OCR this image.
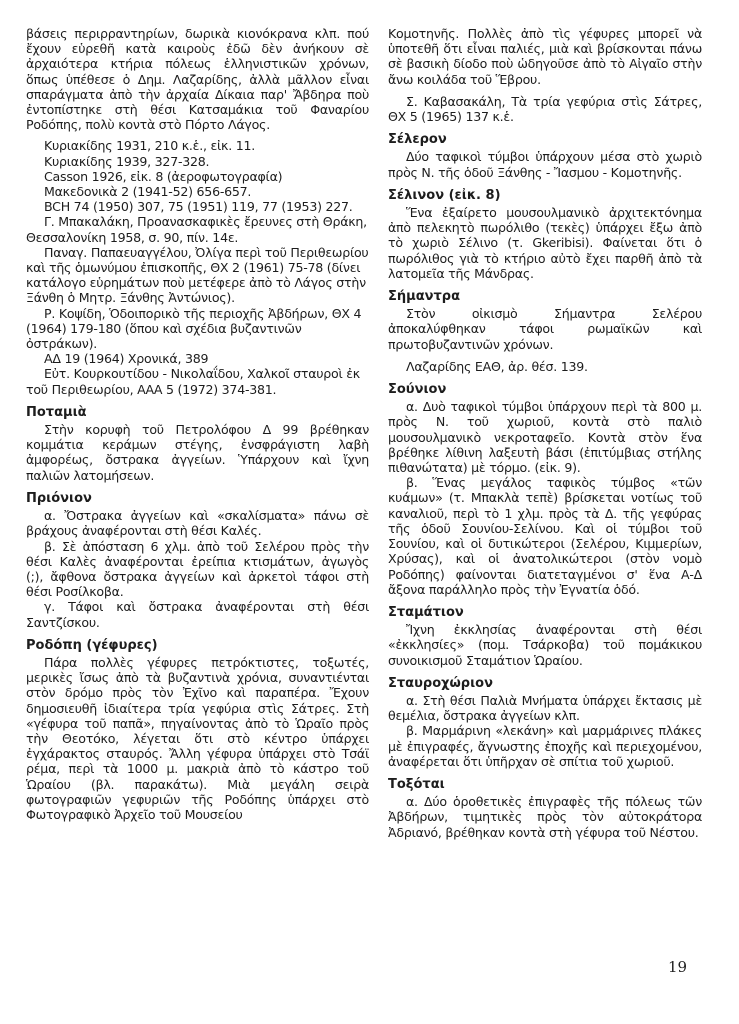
βάσεις περιρραντηρίων, δωρικὰ κιονόκρανα κλπ. πού ἔχουν εὑρεθῆ κατὰ καιροὺς ἐδῶ δὲν ἀνήκουν σὲ ἀρχαιότερα κτήρια πόλεως ἑλληνιστικῶν χρόνων, ὅπως ὑπέθεσε ὁ Δημ. Λαζαρίδης, ἀλλὰ μᾶλλον εἶναι σπαράγματα ἀπὸ τὴν ἀρχαία Δίκαια παρ' Ἄβδηρα ποὺ ἐντοπίστηκε στὴ θέσι Κατσαμάκια τοῦ Φαναρίου Ροδόπης, πολὺ κοντὰ στὸ Πόρτο Λάγος.

Κυριακίδης 1931, 210 κ.ἑ., εἰκ. 11.

Κυριακίδης 1939, 327-328.

Casson 1926, εἰκ. 8 (ἀεροφωτογραφία)

Μακεδονικὰ 2 (1941-52) 656-657.

BCH 74 (1950) 307, 75 (1951) 119, 77 (1953) 227.

Γ. Μπακαλάκη, Προανασκαφικὲς ἔρευνες στὴ Θράκη, Θεσσαλονίκη 1958, σ. 90, πίν. 14ε.

Παναγ. Παπαευαγγέλου, Ὀλίγα περὶ τοῦ Περιθεωρίου καὶ τῆς ὁμωνύμου ἐπισκοπῆς, ΘΧ 2 (1961) 75-78 (δίνει κατάλογο εὑρημάτων ποὺ μετέφερε ἀπὸ τὸ Λάγος στὴν Ξάνθη ὁ Μητρ. Ξάνθης Ἀντώνιος).

Ρ. Κοψίδη, Ὁδοιπορικὸ τῆς περιοχῆς Ἀβδήρων, ΘΧ 4 (1964) 179-180 (ὅπου καὶ σχέδια βυζαντινῶν ὀστράκων).

ΑΔ 19 (1964) Χρονικά, 389

Εὐτ. Κουρκουτίδου - Νικολαΐδου, Χαλκοῖ σταυροὶ ἐκ τοῦ Περιθεωρίου, ΑΑΑ 5 (1972) 374-381.

Ποταμιὰ

Στὴν κορυφὴ τοῦ Πετρολόφου Δ 99 βρέθηκαν κομμάτια κεράμων στέγης, ἐνσφράγιστη λαβὴ ἀμφορέως, ὄστρακα ἀγγείων. Ὑπάρχουν καὶ ἴχνη παλιῶν λατομήσεων.

Πριόνιον

α. Ὄστρακα ἀγγείων καὶ «σκαλίσματα» πάνω σὲ βράχους ἀναφέρονται στὴ θέσι Καλές.

β. Σὲ ἀπόσταση 6 χλμ. ἀπὸ τοῦ Σελέρου πρὸς τὴν θέσι Καλὲς ἀναφέρονται ἐρείπια κτισμάτων, ἀγωγὸς (;), ἄφθονα ὄστρακα ἀγγείων καὶ ἀρκετοὶ τάφοι στὴ θέσι Ροσίλκοβα.

γ. Τάφοι καὶ ὄστρακα ἀναφέρονται στὴ θέσι Σαντζίσκου.

Ροδόπη (γέφυρες)

Πάρα πολλὲς γέφυρες πετρόκτιστες, τοξωτές, μερικὲς ἴσως ἀπὸ τὰ βυζαντινὰ χρόνια, συναντιένται στὸν δρόμο πρὸς τὸν Ἐχῖνο καὶ παραπέρα. Ἔχουν δημοσιευθῆ ἰδιαίτερα τρία γεφύρια στὶς Σάτρες. Στὴ «γέφυρα τοῦ παπᾶ», πηγαίνοντας ἀπὸ τὸ Ὡραῖο πρὸς τὴν Θεοτόκο, λέγεται ὅτι στὸ κέντρο ὑπάρχει ἐγχάρακτος σταυρός. Ἄλλη γέφυρα ὑπάρχει στὸ Τσάϊ ρέμα, περὶ τὰ 1000 μ. μακριὰ ἀπὸ τὸ κάστρο τοῦ Ὡραίου (βλ. παρακάτω). Μιὰ μεγάλη σειρὰ φωτογραφιῶν γεφυριῶν τῆς Ροδόπης ὑπάρχει στὸ Φωτογραφικὸ Ἀρχεῖο τοῦ Μουσείου

Κομοτηνῆς. Πολλὲς ἀπὸ τὶς γέφυρες μπορεῖ νὰ ὑποτεθῆ ὅτι εἶναι παλιές, μιὰ καὶ βρίσκονται πάνω σὲ βασικὴ δίοδο ποὺ ὡδηγοῦσε ἀπὸ τὸ Αἰγαῖο στὴν ἄνω κοιλάδα τοῦ Ἕβρου.

Σ. Καβασακάλη, Τὰ τρία γεφύρια στὶς Σάτρες, ΘΧ 5 (1965) 137 κ.ἑ.

Σέλερον

Δύο ταφικοὶ τύμβοι ὑπάρχουν μέσα στὸ χωριὸ πρὸς Ν. τῆς ὁδοῦ Ξάνθης - Ἴασμου - Κομοτηνῆς.

Σέλινον (εἰκ. 8)

Ἕνα ἐξαίρετο μουσουλμανικὸ ἀρχιτεκτόνημα ἀπὸ πελεκητὸ πωρόλιθο (τεκὲς) ὑπάρχει ἔξω ἀπὸ τὸ χωριὸ Σέλινο (τ. Gkeribisi). Φαίνεται ὅτι ὁ πωρόλιθος γιὰ τὸ κτήριο αὐτὸ ἔχει παρθῆ ἀπὸ τὰ λατομεῖα τῆς Μάνδρας.

Σήμαντρα

Στὸν οἰκισμὸ Σήμαντρα Σελέρου ἀποκαλύφθηκαν τάφοι ρωμαϊκῶν καὶ πρωτοβυζαντινῶν χρόνων.

Λαζαρίδης ΕΑΘ, ἀρ. θέσ. 139.

Σούνιον

α. Δυὸ ταφικοὶ τύμβοι ὑπάρχουν περὶ τὰ 800 μ. πρὸς Ν. τοῦ χωριοῦ, κοντὰ στὸ παλιὸ μουσουλμανικὸ νεκροταφεῖο. Κοντὰ στὸν ἕνα βρέθηκε λίθινη λαξευτὴ βάσι (ἐπιτύμβιας στήλης πιθανώτατα) μὲ τόρμο. (εἰκ. 9).

β. Ἕνας μεγάλος ταφικὸς τύμβος «τῶν κυάμων» (τ. Μπακλὰ τεπὲ) βρίσκεται νοτίως τοῦ καναλιοῦ, περὶ τὸ 1 χλμ. πρὸς τὰ Δ. τῆς γεφύρας τῆς ὁδοῦ Σουνίου-Σελίνου. Καὶ οἱ τύμβοι τοῦ Σουνίου, καὶ οἱ δυτικώτεροι (Σελέρου, Κιμμερίων, Χρύσας), καὶ οἱ ἀνατολικώτεροι (στὸν νομὸ Ροδόπης) φαίνονται διατεταγμένοι σ' ἕνα Α-Δ ἄξονα παράλληλο πρὸς τὴν Ἐγνατία ὁδό.

Σταμάτιον

Ἴχνη ἐκκλησίας ἀναφέρονται στὴ θέσι «ἐκκλησίες» (πομ. Τσάρκοβα) τοῦ πομάκικου συνοικισμοῦ Σταμάτιον Ὡραίου.

Σταυροχώριον

α. Στὴ θέσι Παλιὰ Μνήματα ὑπάρχει ἔκτασις μὲ θεμέλια, ὄστρακα ἀγγείων κλπ.

β. Μαρμάρινη «λεκάνη» καὶ μαρμάρινες πλάκες μὲ ἐπιγραφές, ἄγνωστης ἐποχῆς καὶ περιεχομένου, ἀναφέρεται ὅτι ὑπῆρχαν σὲ σπίτια τοῦ χωριοῦ.

Τοξόται

α. Δύο ὁροθετικὲς ἐπιγραφὲς τῆς πόλεως τῶν Ἀβδήρων, τιμητικὲς πρὸς τὸν αὐτοκράτορα Ἀδριανό, βρέθηκαν κοντὰ στὴ γέφυρα τοῦ Νέστου.

19
